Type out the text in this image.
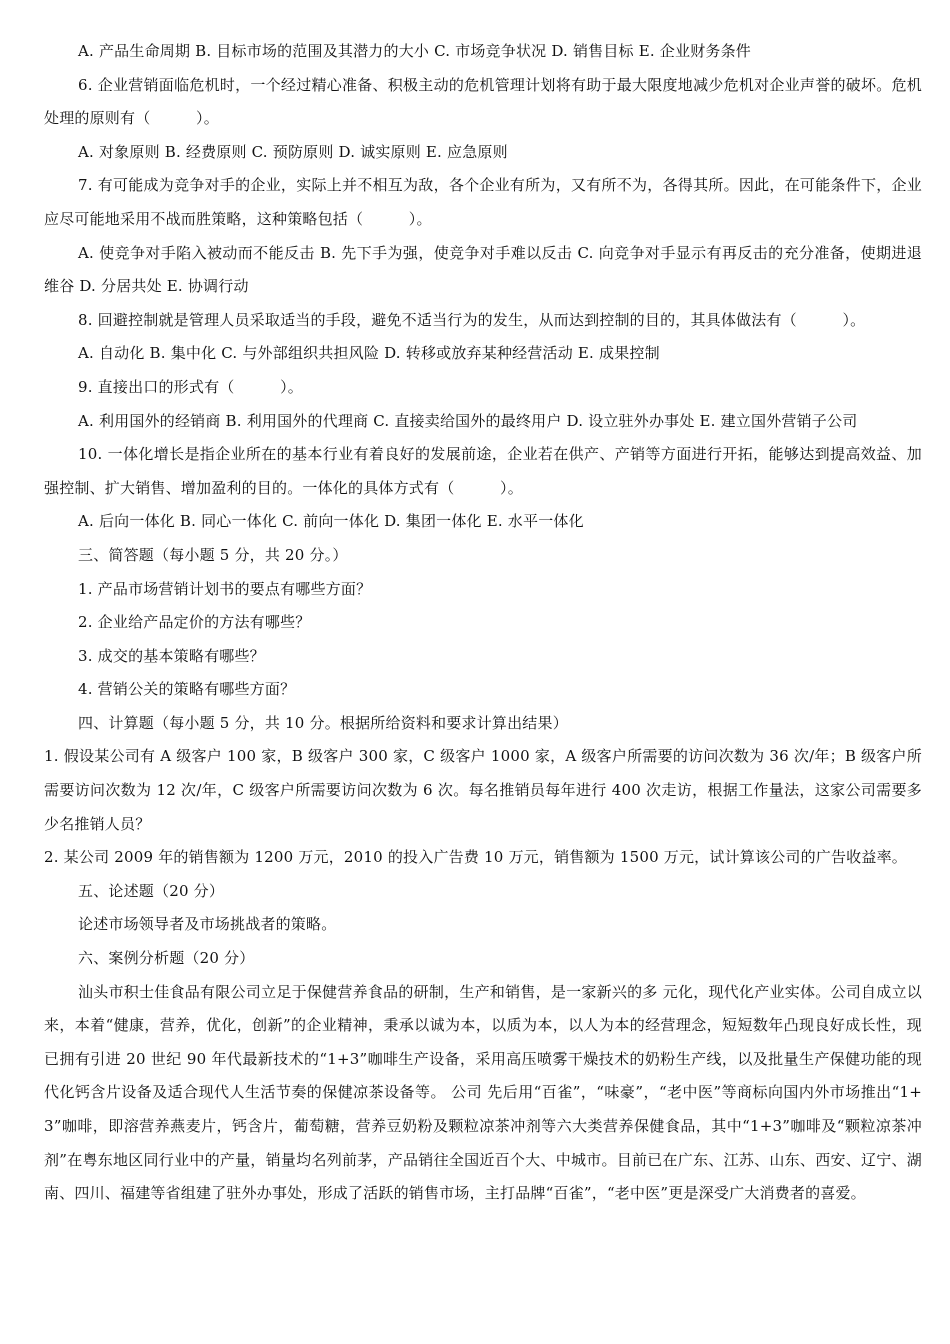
A. 产品生命周期 B. 目标市场的范围及其潜力的大小 C. 市场竞争状况 D. 销售目标 E. 企业财务条件

6. 企业营销面临危机时，一个经过精心准备、积极主动的危机管理计划将有助于最大限度地减少危机对企业声誉的破坏。危机处理的原则有（　　　）。

A. 对象原则 B. 经费原则 C. 预防原则 D. 诚实原则 E. 应急原则

7. 有可能成为竞争对手的企业，实际上并不相互为敌，各个企业有所为，又有所不为，各得其所。因此，在可能条件下，企业应尽可能地采用不战而胜策略，这种策略包括（　　　）。

A. 使竞争对手陷入被动而不能反击 B. 先下手为强，使竞争对手难以反击 C. 向竞争对手显示有再反击的充分准备，使期进退维谷 D. 分居共处 E. 协调行动

8. 回避控制就是管理人员采取适当的手段，避免不适当行为的发生，从而达到控制的目的，其具体做法有（　　　）。

A. 自动化 B. 集中化 C. 与外部组织共担风险 D. 转移或放弃某种经营活动 E. 成果控制

9. 直接出口的形式有（　　　）。

A. 利用国外的经销商 B. 利用国外的代理商 C. 直接卖给国外的最终用户 D. 设立驻外办事处 E. 建立国外营销子公司

10. 一体化增长是指企业所在的基本行业有着良好的发展前途，企业若在供产、产销等方面进行开拓，能够达到提高效益、加强控制、扩大销售、增加盈利的目的。一体化的具体方式有（　　　）。

A. 后向一体化 B. 同心一体化 C. 前向一体化 D. 集团一体化 E. 水平一体化

三、简答题（每小题 5 分，共 20 分。）

1. 产品市场营销计划书的要点有哪些方面？

2. 企业给产品定价的方法有哪些？

3. 成交的基本策略有哪些？

4. 营销公关的策略有哪些方面？

四、计算题（每小题 5 分，共 10 分。根据所给资料和要求计算出结果）

1. 假设某公司有 A 级客户 100 家，B 级客户 300 家，C 级客户 1000 家，A 级客户所需要的访问次数为 36 次/年；B 级客户所需要访问次数为 12 次/年，C 级客户所需要访问次数为 6 次。每名推销员每年进行 400 次走访，根据工作量法，这家公司需要多少名推销人员？

2. 某公司 2009 年的销售额为 1200 万元，2010 的投入广告费 10 万元，销售额为 1500 万元，试计算该公司的广告收益率。

五、论述题（20 分）

论述市场领导者及市场挑战者的策略。

六、案例分析题（20 分）

汕头市积士佳食品有限公司立足于保健营养食品的研制，生产和销售，是一家新兴的多 元化，现代化产业实体。公司自成立以来，本着“健康，营养，优化，创新”的企业精神，秉承以诚为本，以质为本，以人为本的经营理念，短短数年凸现良好成长性，现已拥有引进 20 世纪 90 年代最新技术的“1+3”咖啡生产设备，采用高压喷雾干燥技术的奶粉生产线，以及批量生产保健功能的现代化钙含片设备及适合现代人生活节奏的保健凉茶设备等。 公司 先后用“百雀”，“味豪”，“老中医”等商标向国内外市场推出“1+3”咖啡，即溶营养燕麦片，钙含片，葡萄糖，营养豆奶粉及颗粒凉茶冲剂等六大类营养保健食品，其中“1+3”咖啡及“颗粒凉茶冲剂”在粤东地区同行业中的产量，销量均名列前茅，产品销往全国近百个大、中城市。目前已在广东、江苏、山东、西安、辽宁、湖南、四川、福建等省组建了驻外办事处，形成了活跃的销售市场，主打品牌“百雀”，“老中医”更是深受广大消费者的喜爱。
